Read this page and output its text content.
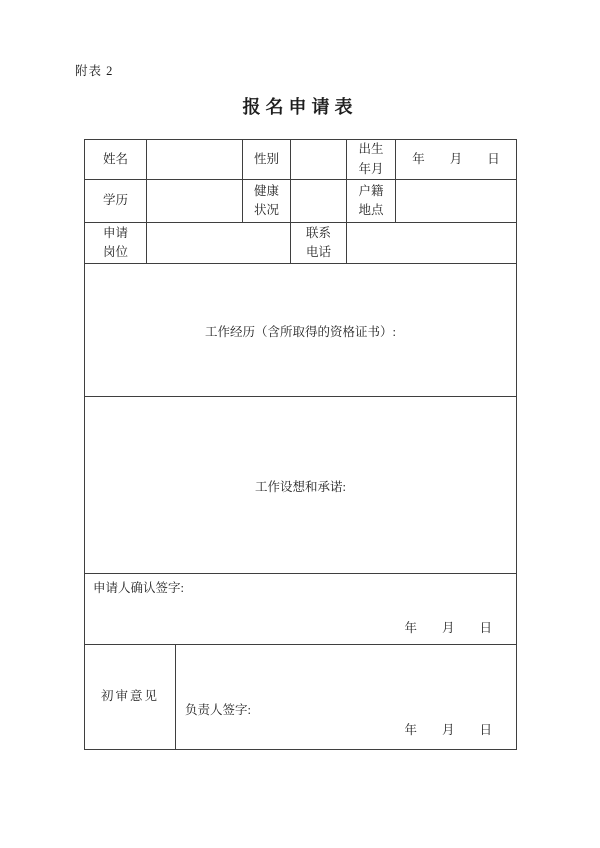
附表 2
报名申请表
姓名			性别		出生年月	年　　月　　日
学历			健康状况		户籍地点	
申请岗位				联系电话		

工作经历（含所取得的资格证书）:						

工作设想和承诺:						

申请人确认签字:
年　　月　　日						

初审意见		负责人签字:
年　　月　　日				
